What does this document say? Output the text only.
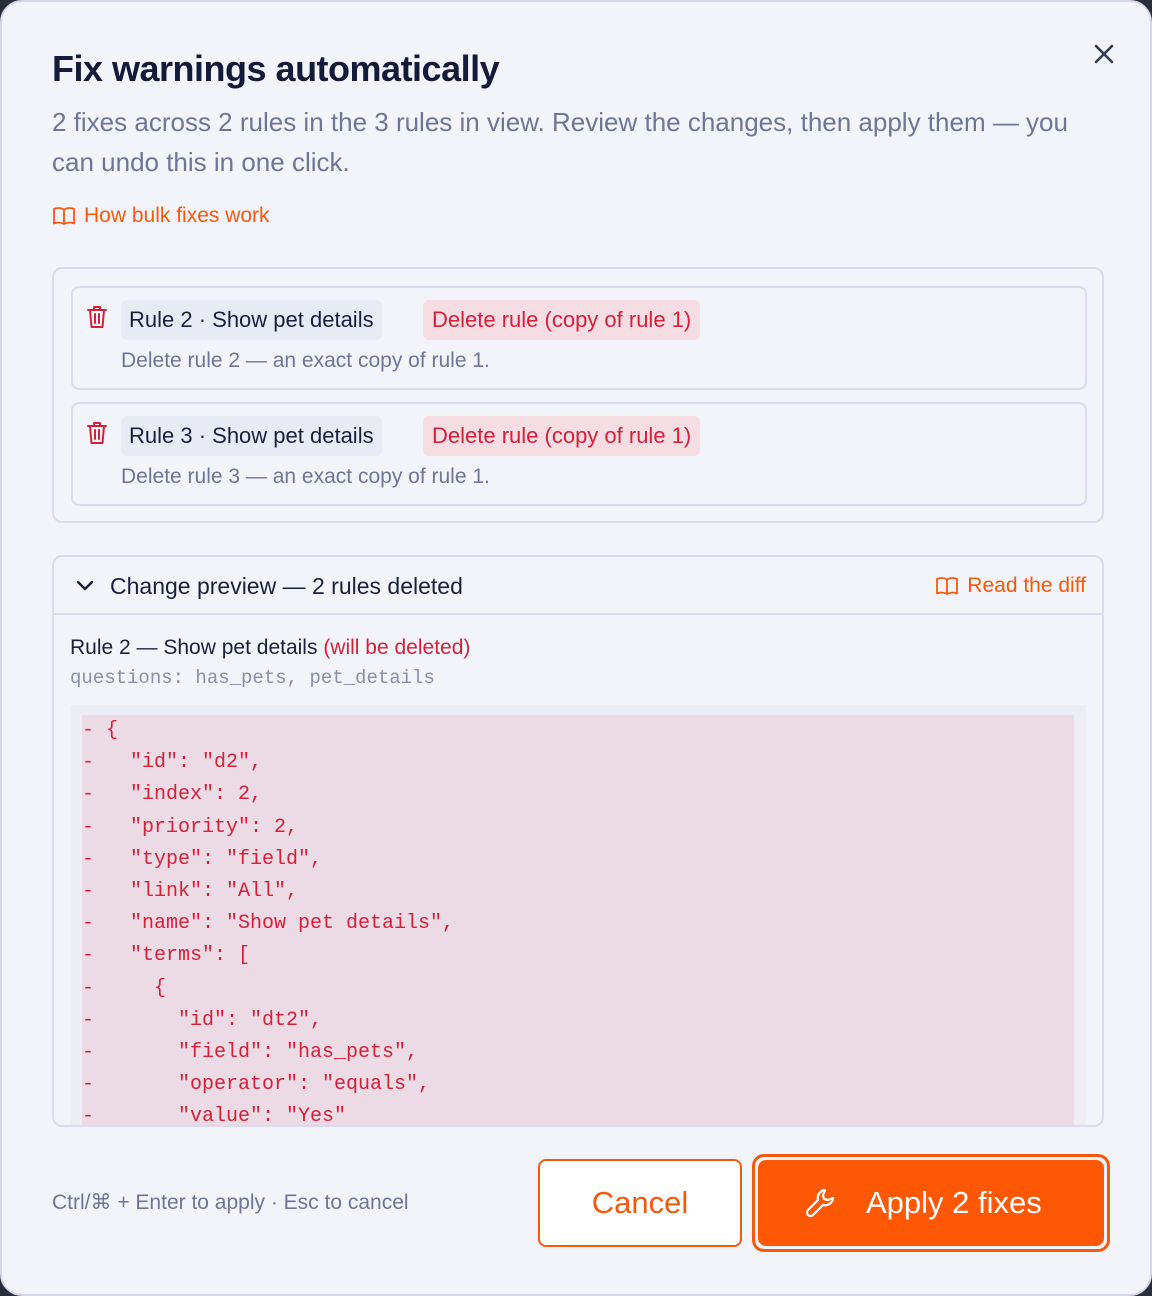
Fix warnings automatically
2 fixes across 2 rules in the 3 rules in view. Review the changes, then apply them — you can undo this in one click.
How bulk fixes work
Rule 2 · Show pet details	Delete rule (copy of rule 1)
Delete rule 2 — an exact copy of rule 1.
Rule 3 · Show pet details	Delete rule (copy of rule 1)
Delete rule 3 — an exact copy of rule 1.
Change preview — 2 rules deleted	Read the diff
Rule 2 — Show pet details (will be deleted)
questions: has_pets, pet_details
- {
-   "id": "d2",
-   "index": 2,
-   "priority": 2,
-   "type": "field",
-   "link": "All",
-   "name": "Show pet details",
-   "terms": [
-     {
-       "id": "dt2",
-       "field": "has_pets",
-       "operator": "equals",
-       "value": "Yes"
Ctrl/⌘ + Enter to apply · Esc to cancel	Cancel	Apply 2 fixes
